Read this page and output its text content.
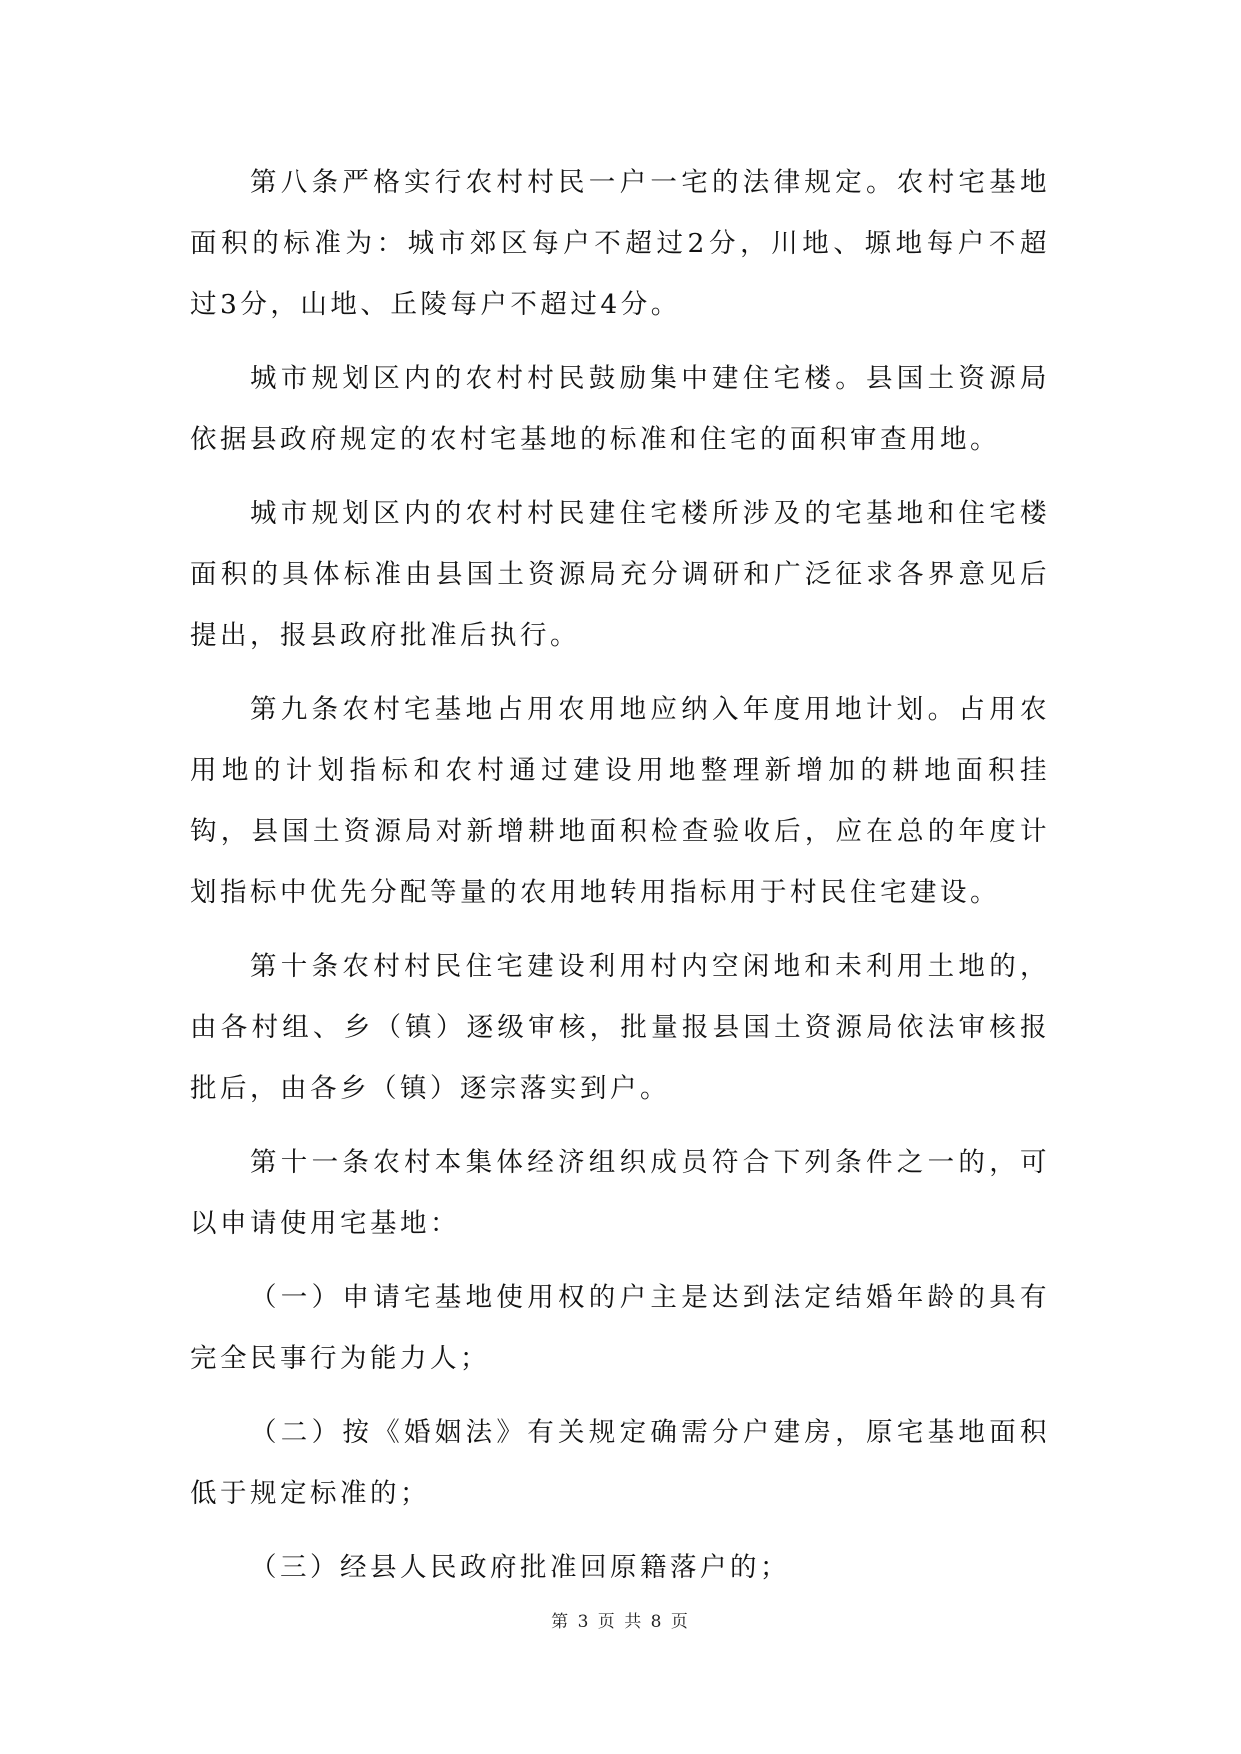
第八条严格实行农村村民一户一宅的法律规定。农村宅基地面积的标准为：城市郊区每户不超过2分，川地、塬地每户不超过3分，山地、丘陵每户不超过4分。

城市规划区内的农村村民鼓励集中建住宅楼。县国土资源局依据县政府规定的农村宅基地的标准和住宅的面积审查用地。

城市规划区内的农村村民建住宅楼所涉及的宅基地和住宅楼面积的具体标准由县国土资源局充分调研和广泛征求各界意见后提出，报县政府批准后执行。

第九条农村宅基地占用农用地应纳入年度用地计划。占用农用地的计划指标和农村通过建设用地整理新增加的耕地面积挂钩，县国土资源局对新增耕地面积检查验收后，应在总的年度计划指标中优先分配等量的农用地转用指标用于村民住宅建设。

第十条农村村民住宅建设利用村内空闲地和未利用土地的，由各村组、乡（镇）逐级审核，批量报县国土资源局依法审核报批后，由各乡（镇）逐宗落实到户。

第十一条农村本集体经济组织成员符合下列条件之一的，可以申请使用宅基地：

（一）申请宅基地使用权的户主是达到法定结婚年龄的具有完全民事行为能力人；

（二）按《婚姻法》有关规定确需分户建房，原宅基地面积低于规定标准的；

（三）经县人民政府批准回原籍落户的；

第 3 页 共 8 页
